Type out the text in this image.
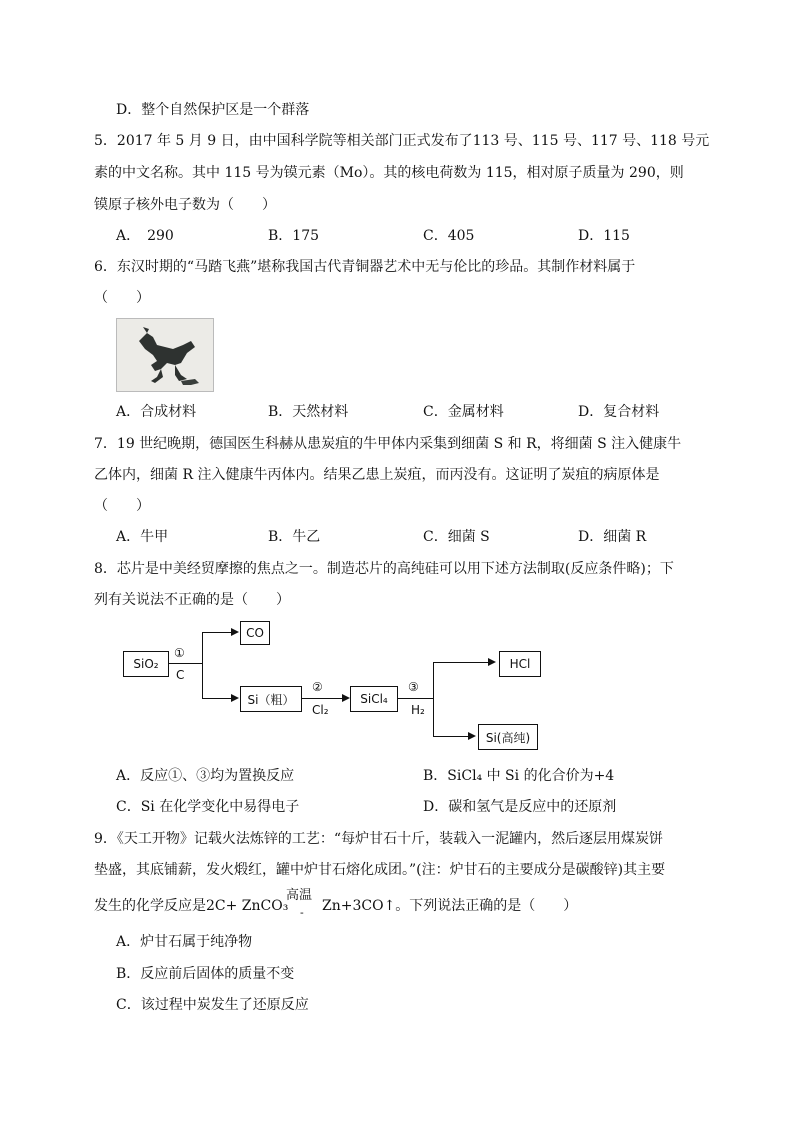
D．整个自然保护区是一个群落
5．2017 年 5 月 9 日，由中国科学院等相关部门正式发布了113 号、115 号、117 号、118 号元
素的中文名称。其中 115 号为镆元素（Mo）。其的核电荷数为 115，相对原子质量为 290，则
镆原子核外电子数为（　　）
A．　290	B．175	C．405	D．115
6．东汉时期的“马踏飞燕”堪称我国古代青铜器艺术中无与伦比的珍品。其制作材料属于
（　　）
A．合成材料	B．天然材料	C．金属材料	D．复合材料
7．19 世纪晚期，德国医生科赫从患炭疽的牛甲体内采集到细菌 S 和 R，将细菌 S 注入健康牛
乙体内，细菌 R 注入健康牛丙体内。结果乙患上炭疽，而丙没有。这证明了炭疽的病原体是
（　　）
A．牛甲	B．牛乙	C．细菌 S	D．细菌 R
8．芯片是中美经贸摩擦的焦点之一。制造芯片的高纯硅可以用下述方法制取(反应条件略)；下
列有关说法不正确的是（　　）
SiO₂
①
C
CO
Si（粗）
②
Cl₂
SiCl₄
③
H₂
HCl
Si(高纯)
A．反应①、③均为置换反应	B．SiCl₄ 中 Si 的化合价为+4
C．Si 在化学变化中易得电子	D．碳和氢气是反应中的还原剂
9．《天工开物》记载火法炼锌的工艺：“每炉甘石十斤，装载入一泥罐内，然后逐层用煤炭饼
垫盛，其底铺薪，发火煅红，罐中炉甘石熔化成团。”(注：炉甘石的主要成分是碳酸锌)其主要
发生的化学反应是2C+ ZnCO₃
高温
- Zn+3CO↑。下列说法正确的是（　　）
A．炉甘石属于纯净物
B．反应前后固体的质量不变
C．该过程中炭发生了还原反应
